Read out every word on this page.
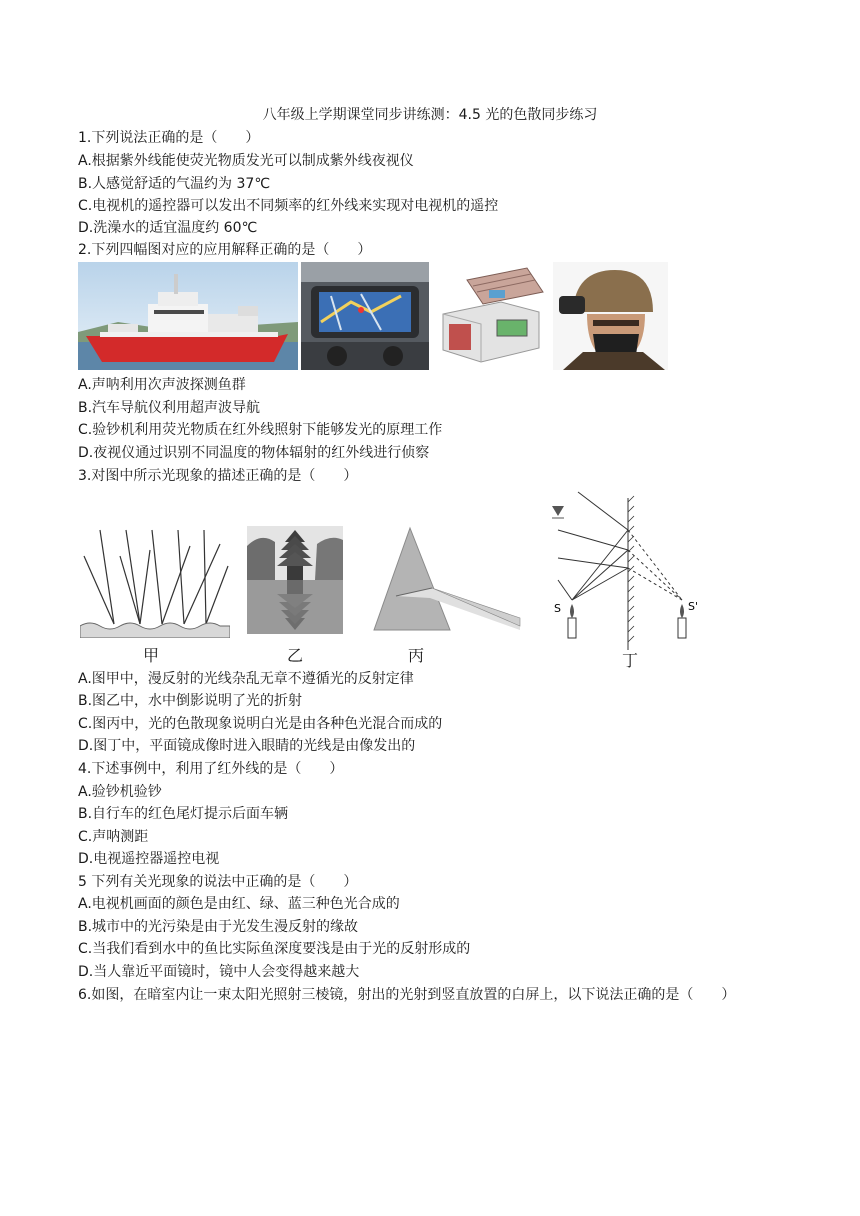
八年级上学期课堂同步讲练测：4.5 光的色散同步练习
1.下列说法正确的是（　　）
A.根据紫外线能使荧光物质发光可以制成紫外线夜视仪
B.人感觉舒适的气温约为 37℃
C.电视机的遥控器可以发出不同频率的红外线来实现对电视机的遥控
D.洗澡水的适宜温度约 60℃
2.下列四幅图对应的应用解释正确的是（　　）
A.声呐利用次声波探测鱼群
B.汽车导航仪利用超声波导航
C.验钞机利用荧光物质在红外线照射下能够发光的原理工作
D.夜视仪通过识别不同温度的物体辐射的红外线进行侦察
3.对图中所示光现象的描述正确的是（　　）
甲	乙	丙
S	S'
丁
A.图甲中，漫反射的光线杂乱无章不遵循光的反射定律
B.图乙中，水中倒影说明了光的折射
C.图丙中，光的色散现象说明白光是由各种色光混合而成的
D.图丁中，平面镜成像时进入眼睛的光线是由像发出的
4.下述事例中，利用了红外线的是（　　）
A.验钞机验钞
B.自行车的红色尾灯提示后面车辆
C.声呐测距
D.电视遥控器遥控电视
5 下列有关光现象的说法中正确的是（　　）
A.电视机画面的颜色是由红、绿、蓝三种色光合成的
B.城市中的光污染是由于光发生漫反射的缘故
C.当我们看到水中的鱼比实际鱼深度要浅是由于光的反射形成的
D.当人靠近平面镜时，镜中人会变得越来越大
6.如图，在暗室内让一束太阳光照射三棱镜，射出的光射到竖直放置的白屏上，以下说法正确的是（　　）
